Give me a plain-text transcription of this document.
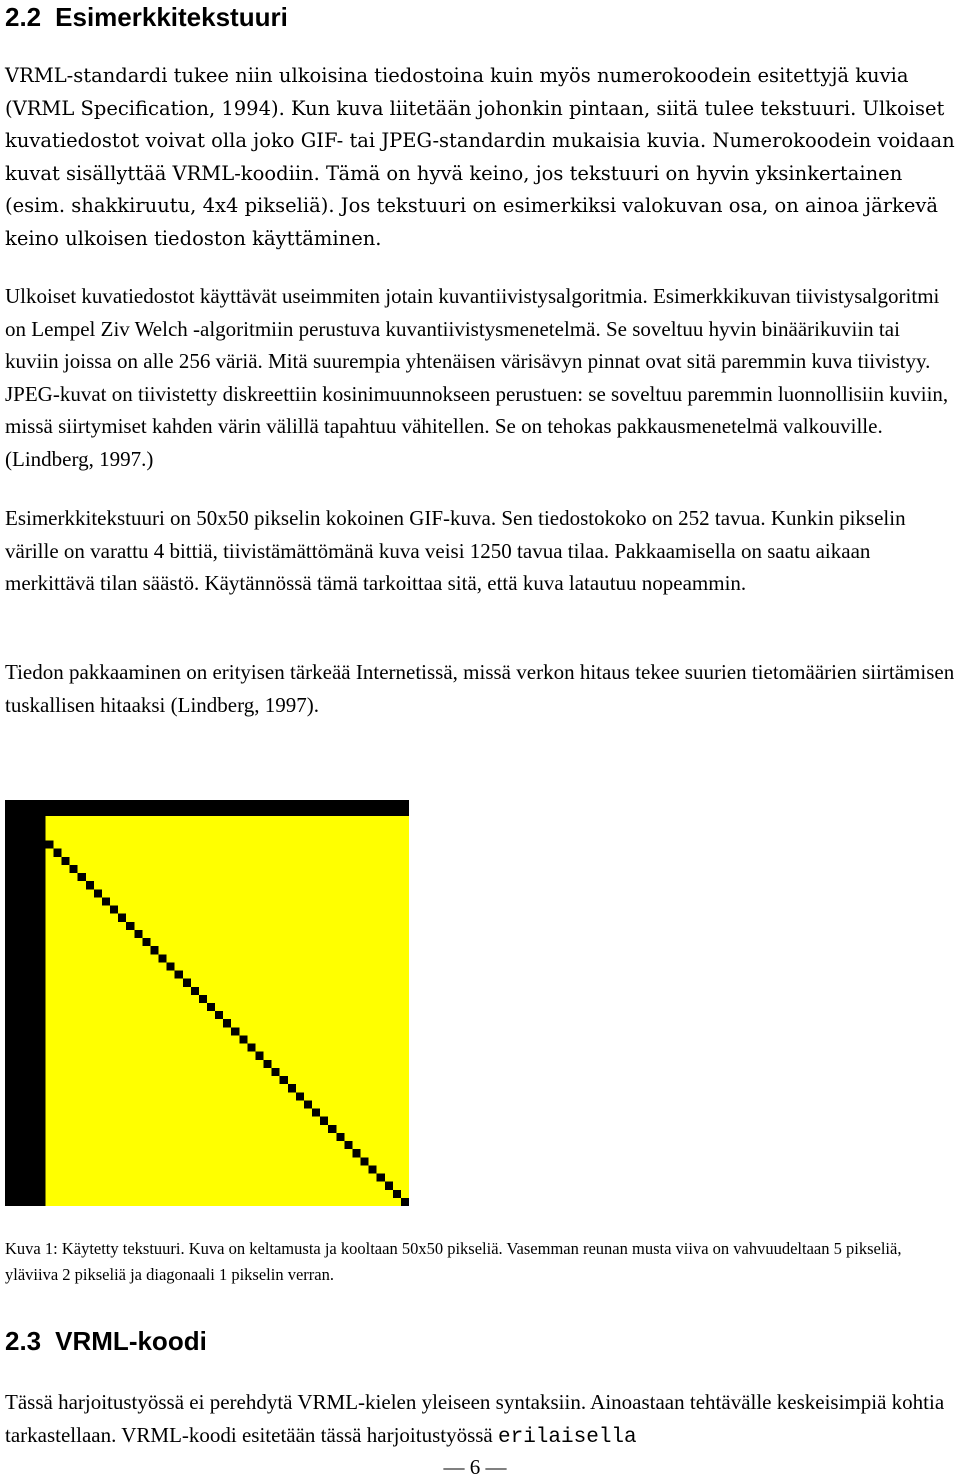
2.2 Esimerkkitekstuuri
VRML-standardi tukee niin ulkoisina tiedostoina kuin myös numerokoodein esitettyjä kuvia (VRML Specification, 1994). Kun kuva liitetään johonkin pintaan, siitä tulee tekstuuri. Ulkoiset kuvatiedostot voivat olla joko GIF- tai JPEG-standardin mukaisia kuvia. Numerokoodein voidaan kuvat sisällyttää VRML-koodiin. Tämä on hyvä keino, jos tekstuuri on hyvin yksinkertainen (esim. shakkiruutu, 4x4 pikseliä). Jos tekstuuri on esimerkiksi valokuvan osa, on ainoa järkevä keino ulkoisen tiedoston käyttäminen.
Ulkoiset kuvatiedostot käyttävät useimmiten jotain kuvantiivistysalgoritmia. Esimerkkikuvan tiivistysalgoritmi on Lempel Ziv Welch -algoritmiin perustuva kuvantiivistysmenetelmä. Se soveltuu hyvin binäärikuviin tai kuviin joissa on alle 256 väriä. Mitä suurempia yhtenäisen värisävyn pinnat ovat sitä paremmin kuva tiivistyy. JPEG-kuvat on tiivistetty diskreettiin kosinimuunnokseen perustuen: se soveltuu paremmin luonnollisiin kuviin, missä siirtymiset kahden värin välillä tapahtuu vähitellen. Se on tehokas pakkausmenetelmä valkouville. (Lindberg, 1997.)
Esimerkkitekstuuri on 50x50 pikselin kokoinen GIF-kuva. Sen tiedostokoko on 252 tavua. Kunkin pikselin värille on varattu 4 bittiä, tiivistämättömänä kuva veisi 1250 tavua tilaa. Pakkaamisella on saatu aikaan merkittävä tilan säästö. Käytännössä tämä tarkoittaa sitä, että kuva latautuu nopeammin.
Tiedon pakkaaminen on erityisen tärkeää Internetissä, missä verkon hitaus tekee suurien tietomäärien siirtämisen tuskallisen hitaaksi (Lindberg, 1997).
Kuva 1: Käytetty tekstuuri. Kuva on keltamusta ja kooltaan 50x50 pikseliä. Vasemman reunan musta viiva on vahvuudeltaan 5 pikseliä, yläviiva 2 pikseliä ja diagonaali 1 pikselin verran.
2.3 VRML-koodi
Tässä harjoitustyössä ei perehdytä VRML-kielen yleiseen syntaksiin. Ainoastaan tehtävälle keskeisimpiä kohtia tarkastellaan. VRML-koodi esitetään tässä harjoitustyössä erilaisella
— 6 —
